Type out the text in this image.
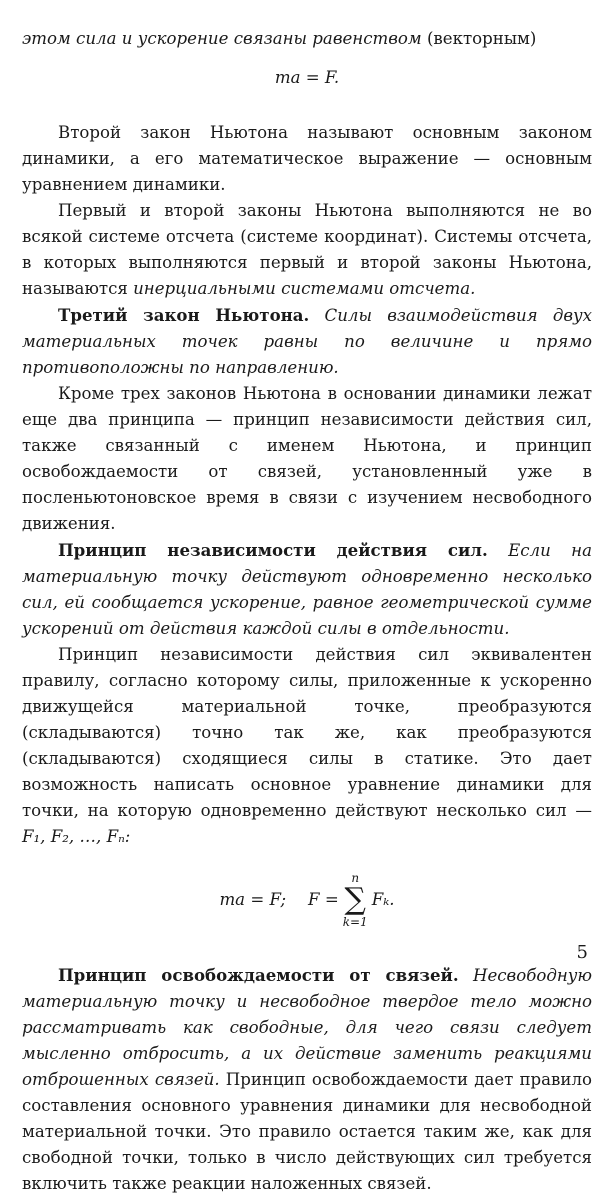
этом сила и ускорение связаны равенством (векторным)

ma = F.

Второй закон Ньютона называют основным законом динамики, а его математическое выражение — основным уравнением динамики.

Первый и второй законы Ньютона выполняются не во всякой системе отсчета (системе координат). Системы отсчета, в которых выполняются первый и второй законы Ньютона, называются инерциальными системами отсчета.

Третий закон Ньютона. Силы взаимодействия двух материальных точек равны по величине и прямо противоположны по направлению.

Кроме трех законов Ньютона в основании динамики лежат еще два принципа — принцип независимости действия сил, также связанный с именем Ньютона, и принцип освобождаемости от связей, установленный уже в посленьютоновское время в связи с изучением несвободного движения.

Принцип независимости действия сил. Если на материальную точку действуют одновременно несколько сил, ей сообщается ускорение, равное геометрической сумме ускорений от действия каждой силы в отдельности.

Принцип независимости действия сил эквивалентен правилу, согласно которому силы, приложенные к ускоренно движущейся материальной точке, преобразуются (складываются) точно так же, как преобразуются (складываются) сходящиеся силы в статике. Это дает возможность написать основное уравнение динамики для точки, на которую одновременно действуют несколько сил — F₁, F₂, …, Fₙ:

ma = F; F =
n
∑
k=1
Fₖ.

Принцип освобождаемости от связей. Несвободную материальную точку и несвободное твердое тело можно рассматривать как свободные, для чего связи следует мысленно отбросить, а их действие заменить реакциями отброшенных связей. Принцип освобождаемости дает правило составления основного уравнения динамики для несвободной материальной точки. Это правило остается таким же, как для свободной точки, только в число действующих сил требуется включить также реакции наложенных связей.

5
